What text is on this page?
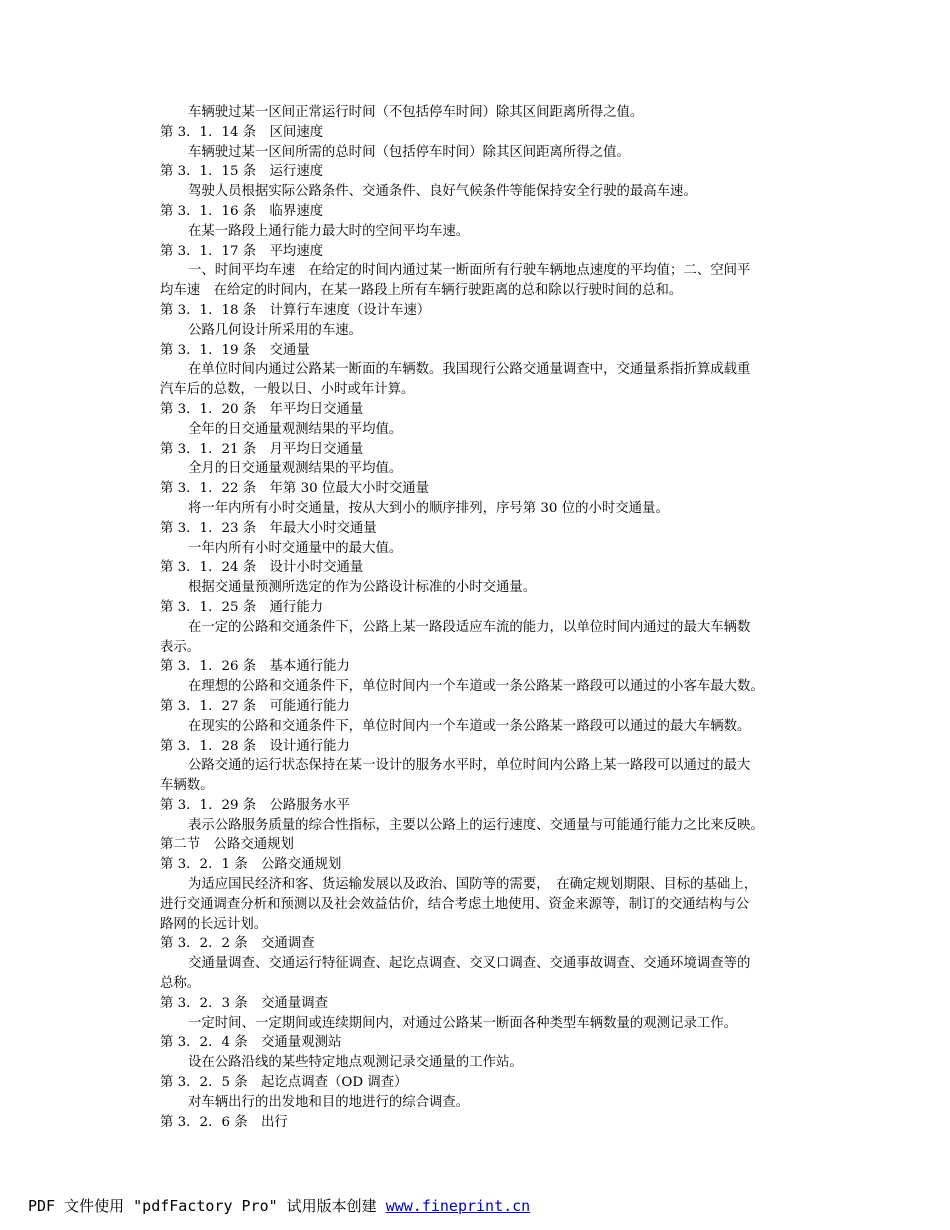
车辆驶过某一区间正常运行时间（不包括停车时间）除其区间距离所得之值。

第 3．1．14 条　区间速度

车辆驶过某一区间所需的总时间（包括停车时间）除其区间距离所得之值。

第 3．1．15 条　运行速度

驾驶人员根据实际公路条件、交通条件、良好气候条件等能保持安全行驶的最高车速。

第 3．1．16 条　临界速度

在某一路段上通行能力最大时的空间平均车速。

第 3．1．17 条　平均速度

一、时间平均车速　在给定的时间内通过某一断面所有行驶车辆地点速度的平均值；二、空间平

均车速　在给定的时间内，在某一路段上所有车辆行驶距离的总和除以行驶时间的总和。

第 3．1．18 条　计算行车速度（设计车速）

公路几何设计所采用的车速。

第 3．1．19 条　交通量

在单位时间内通过公路某一断面的车辆数。我国现行公路交通量调查中，交通量系指折算成载重

汽车后的总数，一般以日、小时或年计算。

第 3．1．20 条　年平均日交通量

全年的日交通量观测结果的平均值。

第 3．1．21 条　月平均日交通量

全月的日交通量观测结果的平均值。

第 3．1．22 条　年第 30 位最大小时交通量

将一年内所有小时交通量，按从大到小的顺序排列，序号第 30 位的小时交通量。

第 3．1．23 条　年最大小时交通量

一年内所有小时交通量中的最大值。

第 3．1．24 条　设计小时交通量

根据交通量预测所选定的作为公路设计标准的小时交通量。

第 3．1．25 条　通行能力

在一定的公路和交通条件下，公路上某一路段适应车流的能力，以单位时间内通过的最大车辆数

表示。

第 3．1．26 条　基本通行能力

在理想的公路和交通条件下，单位时间内一个车道或一条公路某一路段可以通过的小客车最大数。

第 3．1．27 条　可能通行能力

在现实的公路和交通条件下，单位时间内一个车道或一条公路某一路段可以通过的最大车辆数。

第 3．1．28 条　设计通行能力

公路交通的运行状态保持在某一设计的服务水平时，单位时间内公路上某一路段可以通过的最大

车辆数。

第 3．1．29 条　公路服务水平

表示公路服务质量的综合性指标，主要以公路上的运行速度、交通量与可能通行能力之比来反映。

第二节　公路交通规划

第 3．2．1 条　公路交通规划

为适应国民经济和客、货运输发展以及政治、国防等的需要，　在确定规划期限、目标的基础上，

进行交通调查分析和预测以及社会效益估价，结合考虑土地使用、资金来源等，制订的交通结构与公

路网的长远计划。

第 3．2．2 条　交通调查

交通量调查、交通运行特征调查、起讫点调查、交叉口调查、交通事故调查、交通环境调查等的

总称。

第 3．2．3 条　交通量调查

一定时间、一定期间或连续期间内，对通过公路某一断面各种类型车辆数量的观测记录工作。

第 3．2．4 条　交通量观测站

设在公路沿线的某些特定地点观测记录交通量的工作站。

第 3．2．5 条　起讫点调查（OD 调查）

对车辆出行的出发地和目的地进行的综合调查。

第 3．2．6 条　出行

PDF 文件使用 "pdfFactory Pro" 试用版本创建 www.fineprint.cn
